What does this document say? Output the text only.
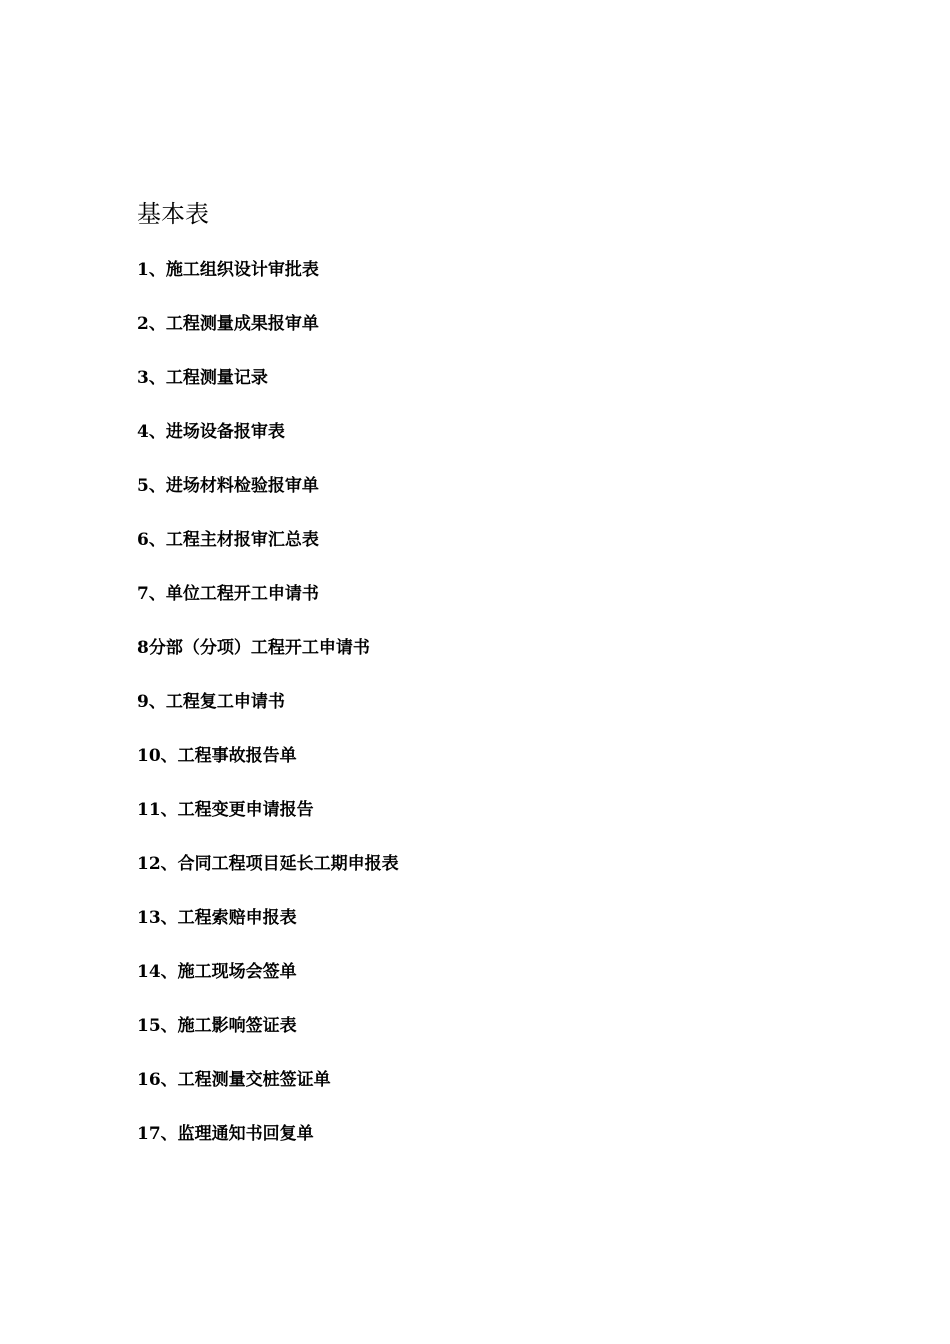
基本表
1、施工组织设计审批表
2、工程测量成果报审单
3、工程测量记录
4、进场设备报审表
5、进场材料检验报审单
6、工程主材报审汇总表
7、单位工程开工申请书
8分部（分项）工程开工申请书
9、工程复工申请书
10、工程事故报告单
11、工程变更申请报告
12、合同工程项目延长工期申报表
13、工程索赔申报表
14、施工现场会签单
15、施工影响签证表
16、工程测量交桩签证单
17、监理通知书回复单
